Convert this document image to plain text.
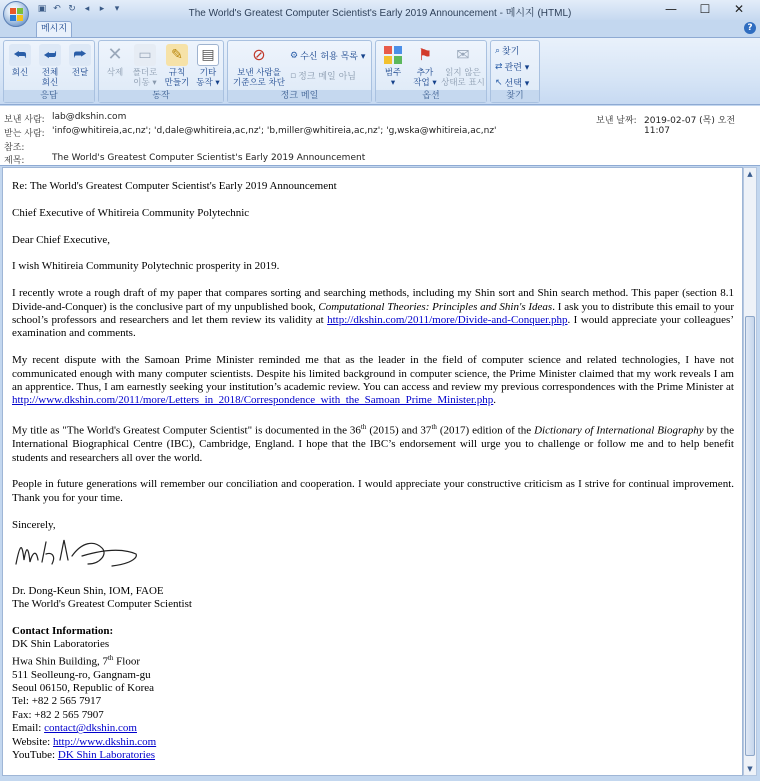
▣ ↶ ↻ ◂	▸	▾	The World's Greatest Computer Scientist's Early 2019 Announcement - 메시지 (HTML)	—	☐	✕
메시지	?
⮪
회신
⮨
전체
회신
⮫
전달
응답
✕
삭제
▭
폴더로
이동 ▾
✎
규칙
만들기
▤
기타
동작 ▾
동작
⊘
보낸 사람을
기준으로 차단
⚙ 수신 허용 목록 ▾
▫ 정크 메일 아님
정크 메일
범주
▾
⚑
추가
작업 ▾
✉
읽지 않은
상태로 표시
옵션
⌕ 찾기
⇄ 관련 ▾
↖ 선택 ▾
찾기
보낸 사람: lab@dkshin.com
받는 사람: 'info@whitireia,ac,nz'; 'd,dale@whitireia,ac,nz'; 'b,miller@whitireia,ac,nz'; 'g,wska@whitireia,ac,nz'
참조:
제목:	The World's Greatest Computer Scientist's Early 2019 Announcement
보낸 날짜: 2019-02-07 (목) 오전 11:07

Re: The World's Greatest Computer Scientist's Early 2019 Announcement

Chief Executive of Whitireia Community Polytechnic

Dear Chief Executive,

I wish Whitireia Community Polytechnic prosperity in 2019.

I recently wrote a rough draft of my paper that compares sorting and searching methods, including my Shin sort and Shin search method. This paper (section 8.1 Divide-and-Conquer) is the conclusive part of my unpublished book, Computational Theories: Principles and Shin's Ideas. I ask you to distribute this email to your school’s professors and researchers and let them review its validity at http://dkshin.com/2011/more/Divide-and-Conquer.php. I would appreciate your colleagues’ examination and comments.

My recent dispute with the Samoan Prime Minister reminded me that as the leader in the field of computer science and related technologies, I have not communicated enough with many computer scientists. Despite his limited background in computer science, the Prime Minister claimed that my work reveals I am an apprentice. Thus, I am earnestly seeking your institution’s academic review. You can access and review my previous correspondences with the Prime Minister at http://www.dkshin.com/2011/more/Letters_in_2018/Correspondence_with_the_Samoan_Prime_Minister.php.

My title as "The World's Greatest Computer Scientist" is documented in the 36th (2015) and 37th (2017) edition of the Dictionary of International Biography by the International Biographical Centre (IBC), Cambridge, England. I hope that the IBC’s endorsement will urge you to challenge or follow me and to help benefit students and researchers all over the world.

People in future generations will remember our conciliation and cooperation. I would appreciate your constructive criticism as I strive for continual improvement. Thank you for your time.

Sincerely,

Dr. Dong-Keun Shin, IOM, FAOE
The World's Greatest Computer Scientist
Contact Information:
DK Shin Laboratories
Hwa Shin Building, 7th Floor
511 Seolleung-ro, Gangnam-gu
Seoul 06150, Republic of Korea
Tel: +82 2 565 7917
Fax: +82 2 565 7907
Email: contact@dkshin.com
Website: http://www.dkshin.com
YouTube: DK Shin Laboratories
▲
▼
